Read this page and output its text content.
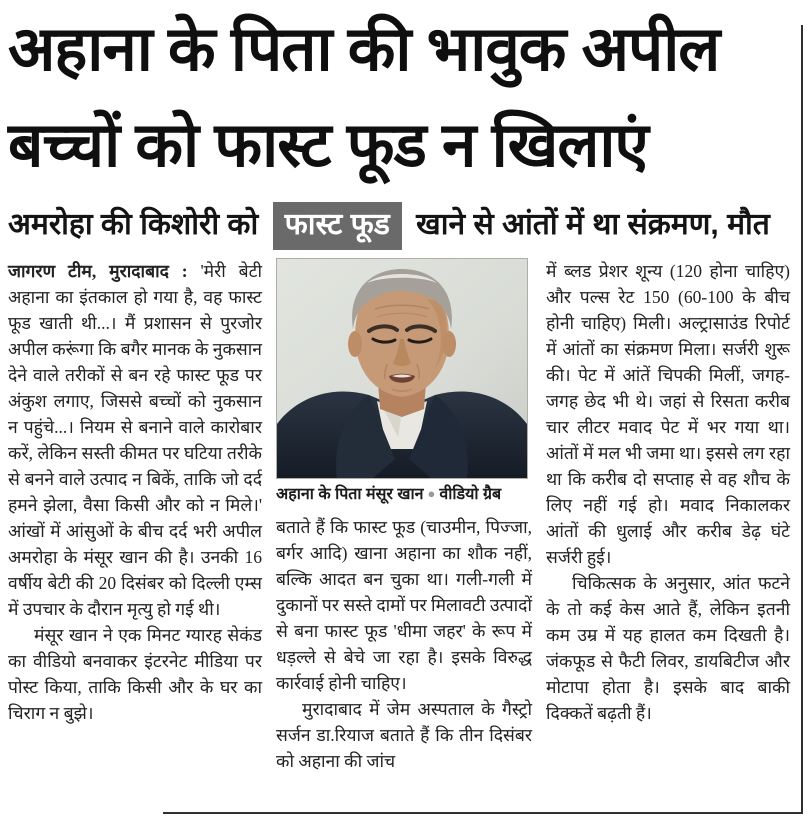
अहाना के पिता की भावुक अपील
बच्चों को फास्ट फूड न खिलाएं
अमरोहा की किशोरी को फास्ट फूड खाने से आंतों में था संक्रमण, मौत

जागरण टीम, मुरादाबाद : 'मेरी बेटी अहाना का इंतकाल हो गया है, वह फास्ट फूड खाती थी...। मैं प्रशासन से पुरजोर अपील करूंगा कि बगैर मानक के नुकसान देने वाले तरीकों से बन रहे फास्ट फूड पर अंकुश लगाए, जिससे बच्चों को नुकसान न पहुंचे...। नियम से बनाने वाले कारोबार करें, लेकिन सस्ती कीमत पर घटिया तरीके से बनने वाले उत्पाद न बिकें, ताकि जो दर्द हमने झेला, वैसा किसी और को न मिले।' आंखों में आंसुओं के बीच दर्द भरी अपील अमरोहा के मंसूर खान की है। उनकी 16 वर्षीय बेटी की 20 दिसंबर को दिल्ली एम्स में उपचार के दौरान मृत्यु हो गई थी।

मंसूर खान ने एक मिनट ग्यारह सेकंड का वीडियो बनवाकर इंटरनेट मीडिया पर पोस्ट किया, ताकि किसी और के घर का चिराग न बुझे।

अहाना के पिता मंसूर खान ● वीडियो ग्रैब

बताते हैं कि फास्ट फूड (चाउमीन, पिज्जा, बर्गर आदि) खाना अहाना का शौक नहीं, बल्कि आदत बन चुका था। गली-गली में दुकानों पर सस्ते दामों पर मिलावटी उत्पादों से बना फास्ट फूड 'धीमा जहर' के रूप में धड़ल्ले से बेचे जा रहा है। इसके विरुद्ध कार्रवाई होनी चाहिए।

मुरादाबाद में जेम अस्पताल के गैस्ट्रो सर्जन डा.रियाज बताते हैं कि तीन दिसंबर को अहाना की जांच

में ब्लड प्रेशर शून्य (120 होना चाहिए) और पल्स रेट 150 (60-100 के बीच होनी चाहिए) मिली। अल्ट्रासाउंड रिपोर्ट में आंतों का संक्रमण मिला। सर्जरी शुरू की। पेट में आंतें चिपकी मिलीं, जगह-जगह छेद भी थे। जहां से रिसता करीब चार लीटर मवाद पेट में भर गया था। आंतों में मल भी जमा था। इससे लग रहा था कि करीब दो सप्ताह से वह शौच के लिए नहीं गई हो। मवाद निकालकर आंतों की धुलाई और करीब डेढ़ घंटे सर्जरी हुई।

चिकित्सक के अनुसार, आंत फटने के तो कई केस आते हैं, लेकिन इतनी कम उम्र में यह हालत कम दिखती है। जंकफूड से फैटी लिवर, डायबिटीज और मोटापा होता है। इसके बाद बाकी दिक्कतें बढ़ती हैं।
